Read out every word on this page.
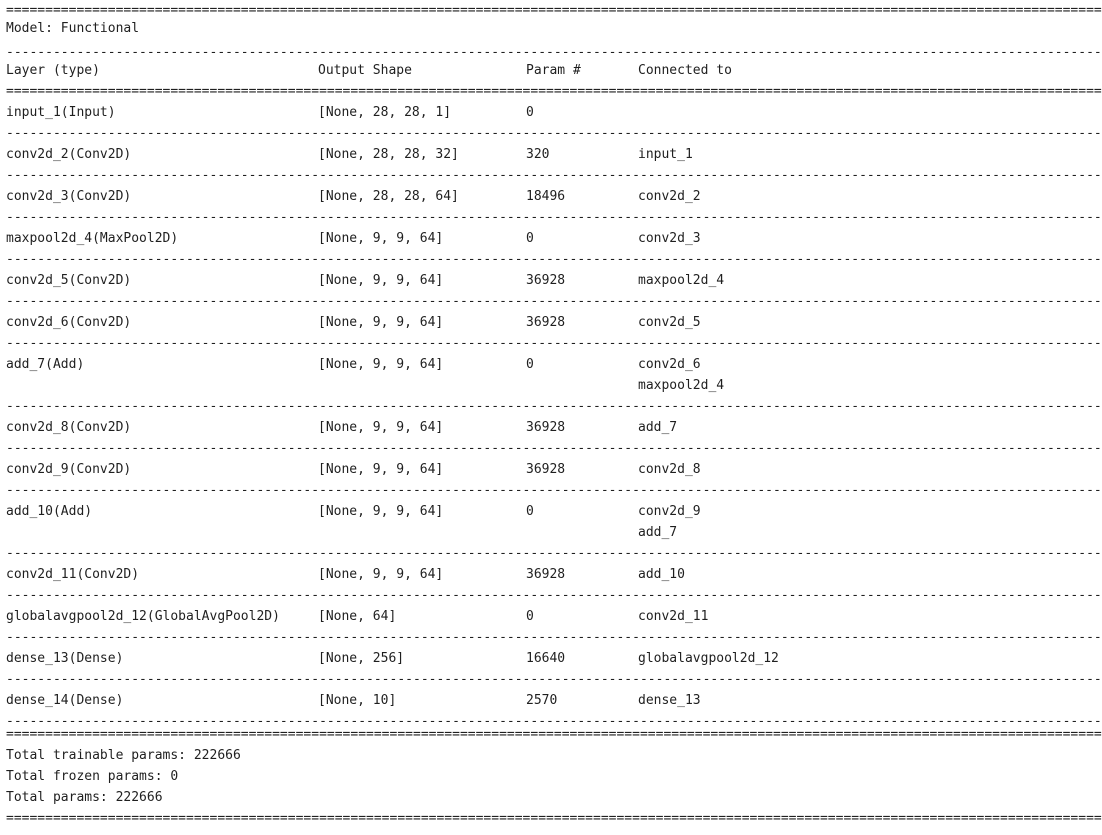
============================================================================================================================================
Model: Functional
--------------------------------------------------------------------------------------------------------------------------------------------
Layer (type)	Output Shape	Param #	Connected to
============================================================================================================================================
input_1(Input)	[None, 28, 28, 1]	0
--------------------------------------------------------------------------------------------------------------------------------------------
conv2d_2(Conv2D)	[None, 28, 28, 32]	320	input_1
--------------------------------------------------------------------------------------------------------------------------------------------
conv2d_3(Conv2D)	[None, 28, 28, 64]	18496	conv2d_2
--------------------------------------------------------------------------------------------------------------------------------------------
maxpool2d_4(MaxPool2D)	[None, 9, 9, 64]	0	conv2d_3
--------------------------------------------------------------------------------------------------------------------------------------------
conv2d_5(Conv2D)	[None, 9, 9, 64]	36928	maxpool2d_4
--------------------------------------------------------------------------------------------------------------------------------------------
conv2d_6(Conv2D)	[None, 9, 9, 64]	36928	conv2d_5
--------------------------------------------------------------------------------------------------------------------------------------------
add_7(Add)	[None, 9, 9, 64]	0	conv2d_6
maxpool2d_4
--------------------------------------------------------------------------------------------------------------------------------------------
conv2d_8(Conv2D)	[None, 9, 9, 64]	36928	add_7
--------------------------------------------------------------------------------------------------------------------------------------------
conv2d_9(Conv2D)	[None, 9, 9, 64]	36928	conv2d_8
--------------------------------------------------------------------------------------------------------------------------------------------
add_10(Add)	[None, 9, 9, 64]	0	conv2d_9
add_7
--------------------------------------------------------------------------------------------------------------------------------------------
conv2d_11(Conv2D)	[None, 9, 9, 64]	36928	add_10
--------------------------------------------------------------------------------------------------------------------------------------------
globalavgpool2d_12(GlobalAvgPool2D)	[None, 64]	0	conv2d_11
--------------------------------------------------------------------------------------------------------------------------------------------
dense_13(Dense)	[None, 256]	16640	globalavgpool2d_12
--------------------------------------------------------------------------------------------------------------------------------------------
dense_14(Dense)	[None, 10]	2570	dense_13
--------------------------------------------------------------------------------------------------------------------------------------------
============================================================================================================================================
Total trainable params: 222666
Total frozen params: 0
Total params: 222666
============================================================================================================================================
